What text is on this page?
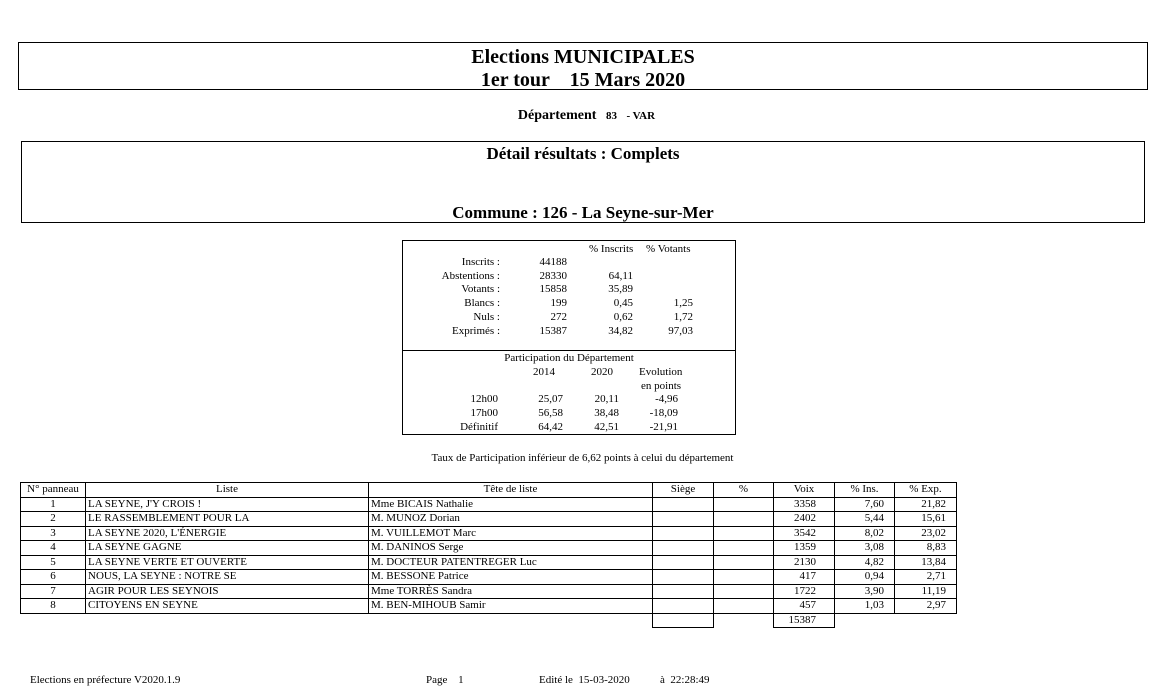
Elections MUNICIPALES
1er tour    15 Mars 2020
Département 83 - VAR
Détail résultats : Complets
Commune : 126 - La Seyne-sur-Mer
% Inscrits % Votants
Inscrits :	44188
Abstentions :	28330	64,11
Votants :	15858	35,89
Blancs :	199	0,45	1,25
Nuls :	272	0,62	1,72
Exprimés :	15387	34,82	97,03
Participation du Département
2014	2020 Evolution
en points
12h00	25,07	20,11	-4,96
17h00	56,58	38,48	-18,09
Définitif	64,42	42,51	-21,91
Taux de Participation inférieur de 6,62 points à celui du département
N° panneau	Liste	Tête de liste	Siège	%	Voix	% Ins.	% Exp.
1	LA SEYNE, J'Y CROIS !	Mme BICAIS Nathalie			3358	7,60	21,82
2	LE RASSEMBLEMENT POUR LA	M. MUNOZ Dorian			2402	5,44	15,61
3	LA SEYNE 2020, L'ÉNERGIE	M. VUILLEMOT Marc			3542	8,02	23,02
4	LA SEYNE GAGNE	M. DANINOS Serge			1359	3,08	8,83
5	LA SEYNE VERTE ET OUVERTE	M. DOCTEUR PATENTREGER Luc			2130	4,82	13,84
6	NOUS, LA SEYNE : NOTRE SE	M. BESSONE Patrice			417	0,94	2,71
7	AGIR POUR LES SEYNOIS	Mme TORRÈS Sandra			1722	3,90	11,19
8	CITOYENS EN SEYNE	M. BEN-MIHOUB Samir			457	1,03	2,97
					15387		
Elections en préfecture V2020.1.9	Page 1	Edité le  15-03-2020	à  22:28:49
